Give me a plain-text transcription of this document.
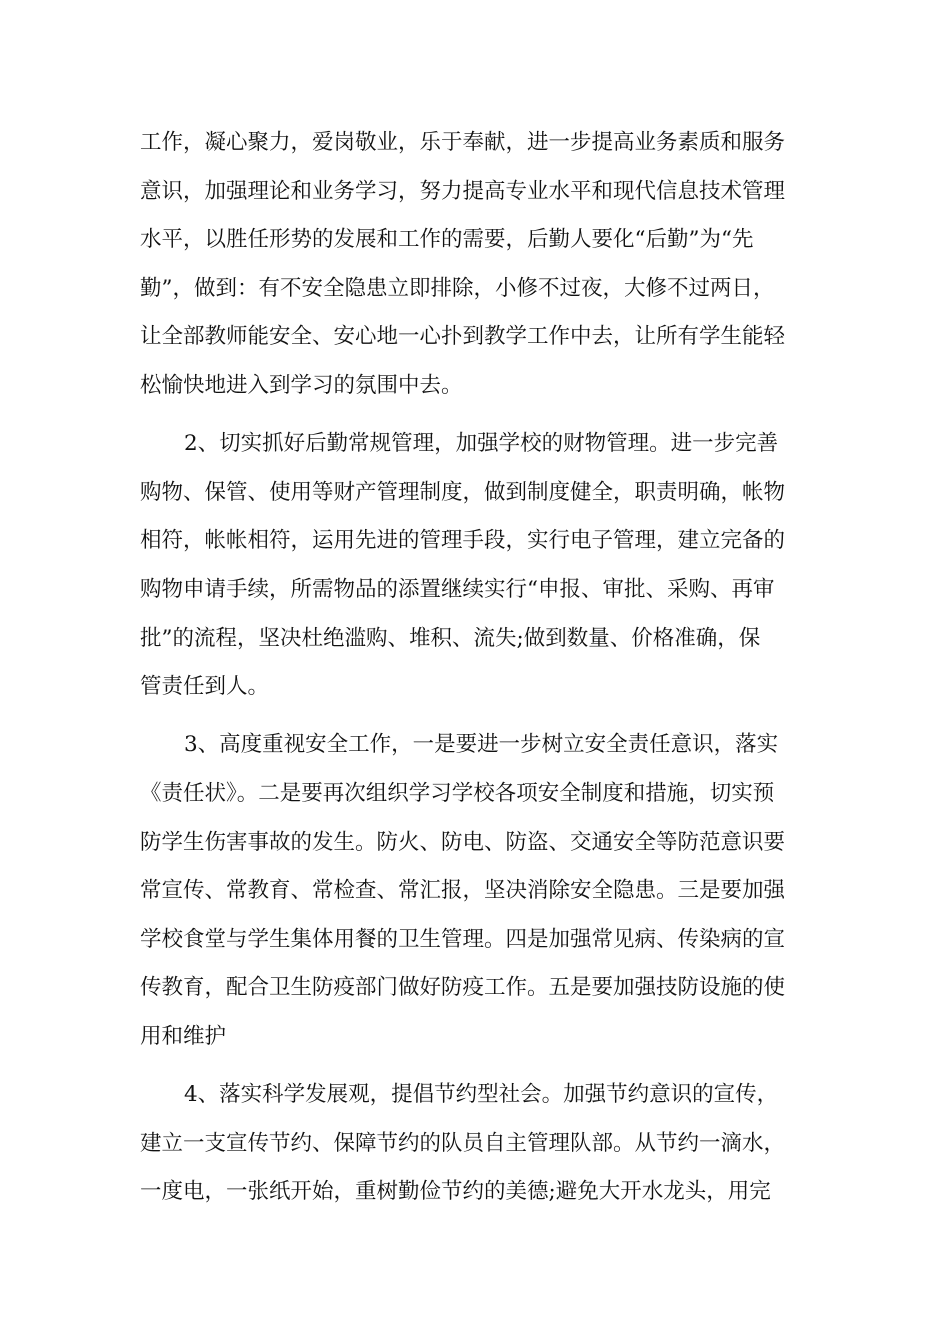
工作，凝心聚力，爱岗敬业，乐于奉献，进一步提高业务素质和服务
意识，加强理论和业务学习，努力提高专业水平和现代信息技术管理
水平，以胜任形势的发展和工作的需要，后勤人要化“后勤”为“先
勤”，做到：有不安全隐患立即排除，小修不过夜，大修不过两日，
让全部教师能安全、安心地一心扑到教学工作中去，让所有学生能轻
松愉快地进入到学习的氛围中去。
2、切实抓好后勤常规管理，加强学校的财物管理。进一步完善
购物、保管、使用等财产管理制度，做到制度健全，职责明确，帐物
相符，帐帐相符，运用先进的管理手段，实行电子管理，建立完备的
购物申请手续，所需物品的添置继续实行“申报、审批、采购、再审
批”的流程，坚决杜绝滥购、堆积、流失;做到数量、价格准确，保
管责任到人。
3、高度重视安全工作，一是要进一步树立安全责任意识，落实
《责任状》。二是要再次组织学习学校各项安全制度和措施，切实预
防学生伤害事故的发生。防火、防电、防盗、交通安全等防范意识要
常宣传、常教育、常检查、常汇报，坚决消除安全隐患。三是要加强
学校食堂与学生集体用餐的卫生管理。四是加强常见病、传染病的宣
传教育，配合卫生防疫部门做好防疫工作。五是要加强技防设施的使
用和维护
4、落实科学发展观，提倡节约型社会。加强节约意识的宣传，
建立一支宣传节约、保障节约的队员自主管理队部。从节约一滴水，
一度电，一张纸开始，重树勤俭节约的美德;避免大开水龙头，用完
